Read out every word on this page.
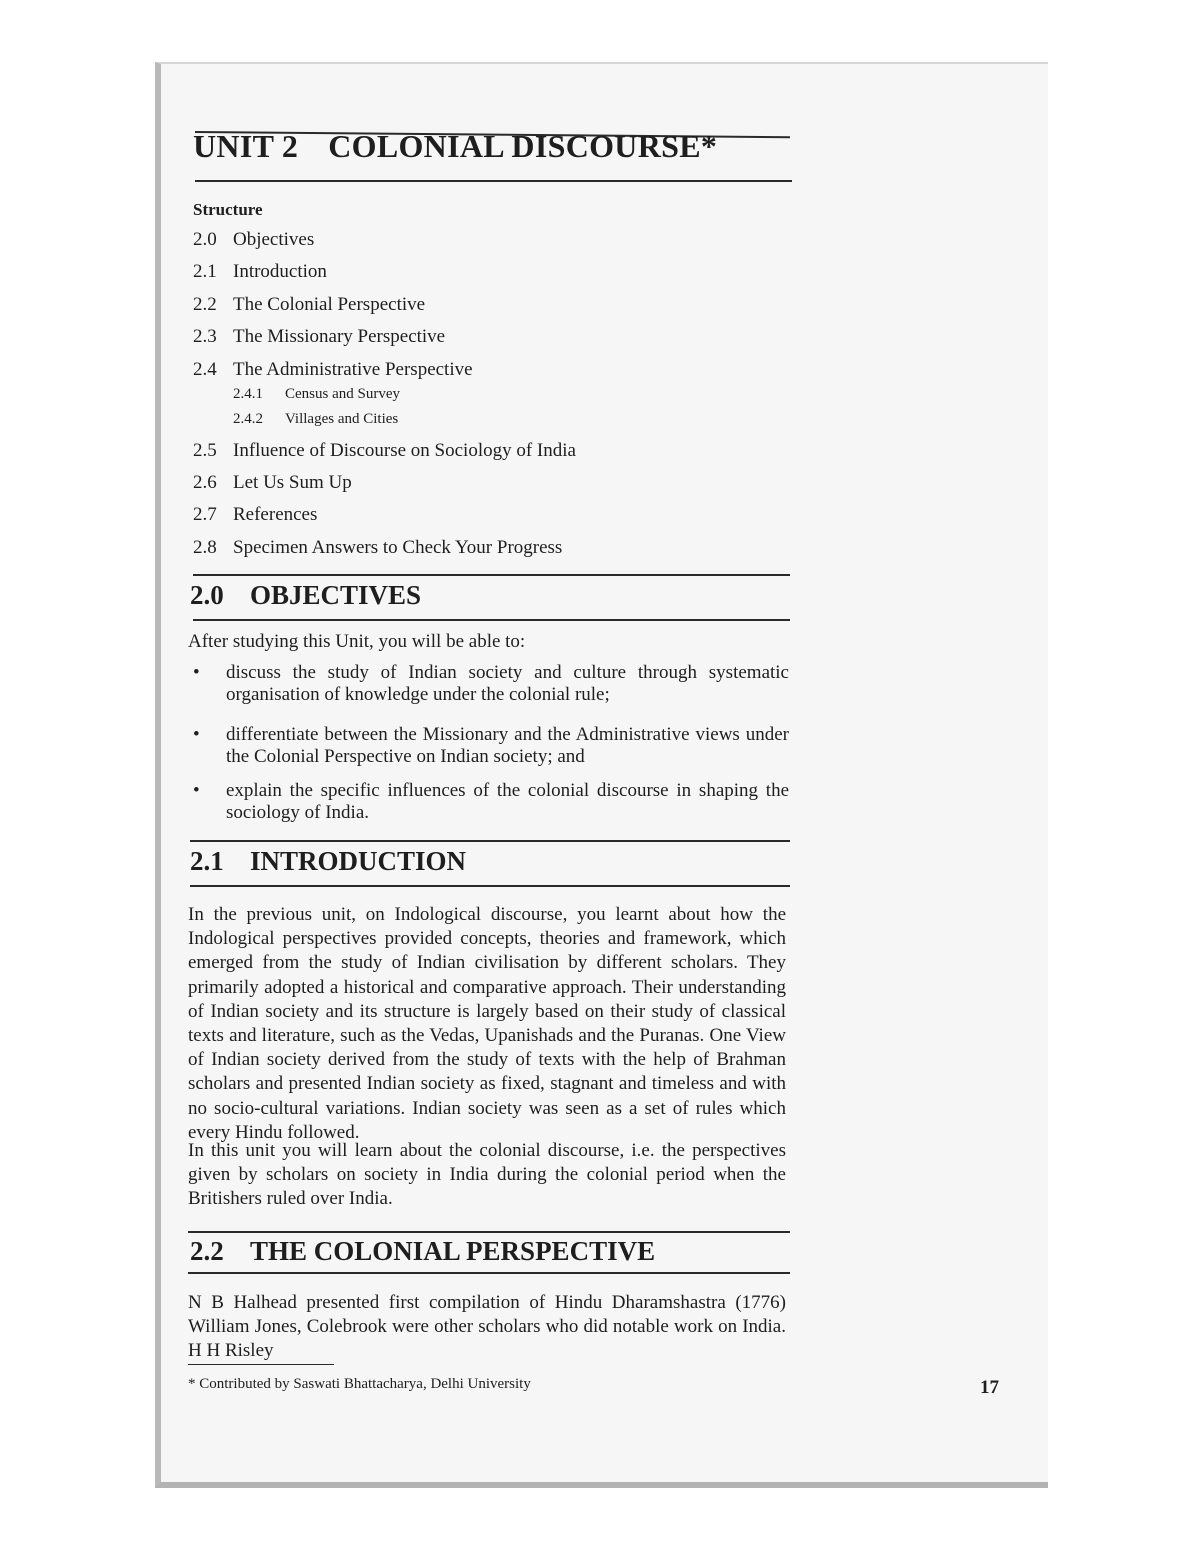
UNIT 2 COLONIAL DISCOURSE*
Structure
2.0 Objectives
2.1 Introduction
2.2 The Colonial Perspective
2.3 The Missionary Perspective
2.4 The Administrative Perspective
2.4.1	Census and Survey
2.4.2	Villages and Cities
2.5 Influence of Discourse on Sociology of India
2.6 Let Us Sum Up
2.7 References
2.8 Specimen Answers to Check Your Progress
2.0 OBJECTIVES
After studying this Unit, you will be able to:
• discuss the study of Indian society and culture through systematic organisation of knowledge under the colonial rule;
• differentiate between the Missionary and the Administrative views under the Colonial Perspective on Indian society; and
• explain the specific influences of the colonial discourse in shaping the sociology of India.
2.1 INTRODUCTION
In the previous unit, on Indological discourse, you learnt about how the Indological perspectives provided concepts, theories and framework, which emerged from the study of Indian civilisation by different scholars. They primarily adopted a historical and comparative approach. Their understanding of Indian society and its structure is largely based on their study of classical texts and literature, such as the Vedas, Upanishads and the Puranas. One View of Indian society derived from the study of texts with the help of Brahman scholars and presented Indian society as fixed, stagnant and timeless and with no socio-cultural variations. Indian society was seen as a set of rules which every Hindu followed.
In this unit you will learn about the colonial discourse, i.e. the perspectives given by scholars on society in India during the colonial period when the Britishers ruled over India.
2.2 THE COLONIAL PERSPECTIVE
N B Halhead presented first compilation of Hindu Dharamshastra (1776) William Jones, Colebrook were other scholars who did notable work on India. H H Risley
* Contributed by Saswati Bhattacharya, Delhi University	17
